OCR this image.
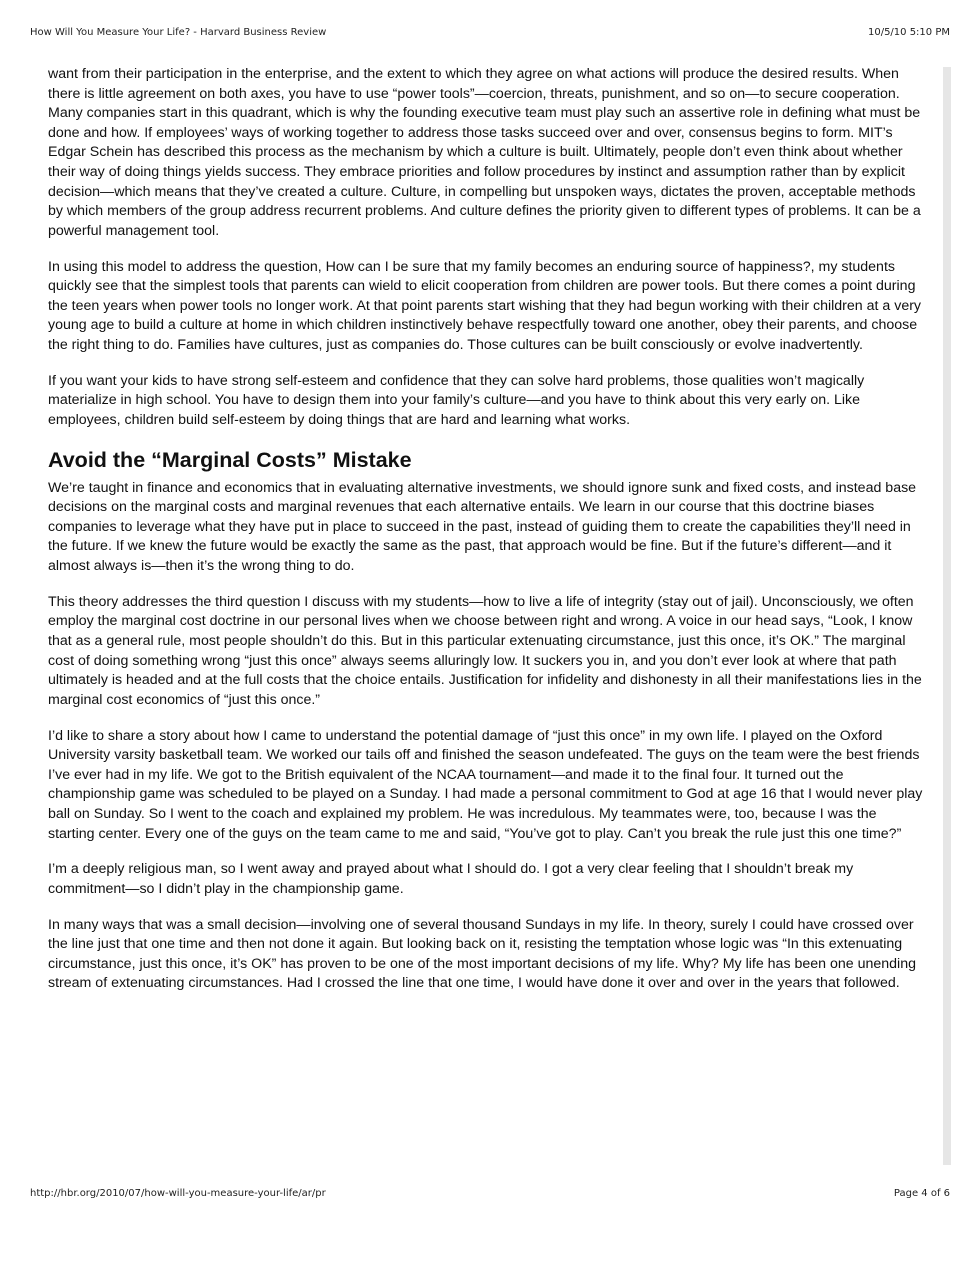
How Will You Measure Your Life? - Harvard Business Review	10/5/10 5:10 PM

want from their participation in the enterprise, and the extent to which they agree on what actions will produce the desired results. When there is little agreement on both axes, you have to use “power tools”—coercion, threats, punishment, and so on—to secure cooperation. Many companies start in this quadrant, which is why the founding executive team must play such an assertive role in defining what must be done and how. If employees’ ways of working together to address those tasks succeed over and over, consensus begins to form. MIT’s Edgar Schein has described this process as the mechanism by which a culture is built. Ultimately, people don’t even think about whether their way of doing things yields success. They embrace priorities and follow procedures by instinct and assumption rather than by explicit decision—which means that they’ve created a culture. Culture, in compelling but unspoken ways, dictates the proven, acceptable methods by which members of the group address recurrent problems. And culture defines the priority given to different types of problems. It can be a powerful management tool.

In using this model to address the question, How can I be sure that my family becomes an enduring source of happiness?, my students quickly see that the simplest tools that parents can wield to elicit cooperation from children are power tools. But there comes a point during the teen years when power tools no longer work. At that point parents start wishing that they had begun working with their children at a very young age to build a culture at home in which children instinctively behave respectfully toward one another, obey their parents, and choose the right thing to do. Families have cultures, just as companies do. Those cultures can be built consciously or evolve inadvertently.

If you want your kids to have strong self-esteem and confidence that they can solve hard problems, those qualities won’t magically materialize in high school. You have to design them into your family’s culture—and you have to think about this very early on. Like employees, children build self-esteem by doing things that are hard and learning what works.

Avoid the “Marginal Costs” Mistake

We’re taught in finance and economics that in evaluating alternative investments, we should ignore sunk and fixed costs, and instead base decisions on the marginal costs and marginal revenues that each alternative entails. We learn in our course that this doctrine biases companies to leverage what they have put in place to succeed in the past, instead of guiding them to create the capabilities they’ll need in the future. If we knew the future would be exactly the same as the past, that approach would be fine. But if the future’s different—and it almost always is—then it’s the wrong thing to do.

This theory addresses the third question I discuss with my students—how to live a life of integrity (stay out of jail). Unconsciously, we often employ the marginal cost doctrine in our personal lives when we choose between right and wrong. A voice in our head says, “Look, I know that as a general rule, most people shouldn’t do this. But in this particular extenuating circumstance, just this once, it’s OK.” The marginal cost of doing something wrong “just this once” always seems alluringly low. It suckers you in, and you don’t ever look at where that path ultimately is headed and at the full costs that the choice entails. Justification for infidelity and dishonesty in all their manifestations lies in the marginal cost economics of “just this once.”

I’d like to share a story about how I came to understand the potential damage of “just this once” in my own life. I played on the Oxford University varsity basketball team. We worked our tails off and finished the season undefeated. The guys on the team were the best friends I’ve ever had in my life. We got to the British equivalent of the NCAA tournament—and made it to the final four. It turned out the championship game was scheduled to be played on a Sunday. I had made a personal commitment to God at age 16 that I would never play ball on Sunday. So I went to the coach and explained my problem. He was incredulous. My teammates were, too, because I was the starting center. Every one of the guys on the team came to me and said, “You’ve got to play. Can’t you break the rule just this one time?”

I’m a deeply religious man, so I went away and prayed about what I should do. I got a very clear feeling that I shouldn’t break my commitment—so I didn’t play in the championship game.

In many ways that was a small decision—involving one of several thousand Sundays in my life. In theory, surely I could have crossed over the line just that one time and then not done it again. But looking back on it, resisting the temptation whose logic was “In this extenuating circumstance, just this once, it’s OK” has proven to be one of the most important decisions of my life. Why? My life has been one unending stream of extenuating circumstances. Had I crossed the line that one time, I would have done it over and over in the years that followed.

http://hbr.org/2010/07/how-will-you-measure-your-life/ar/pr	Page 4 of 6
